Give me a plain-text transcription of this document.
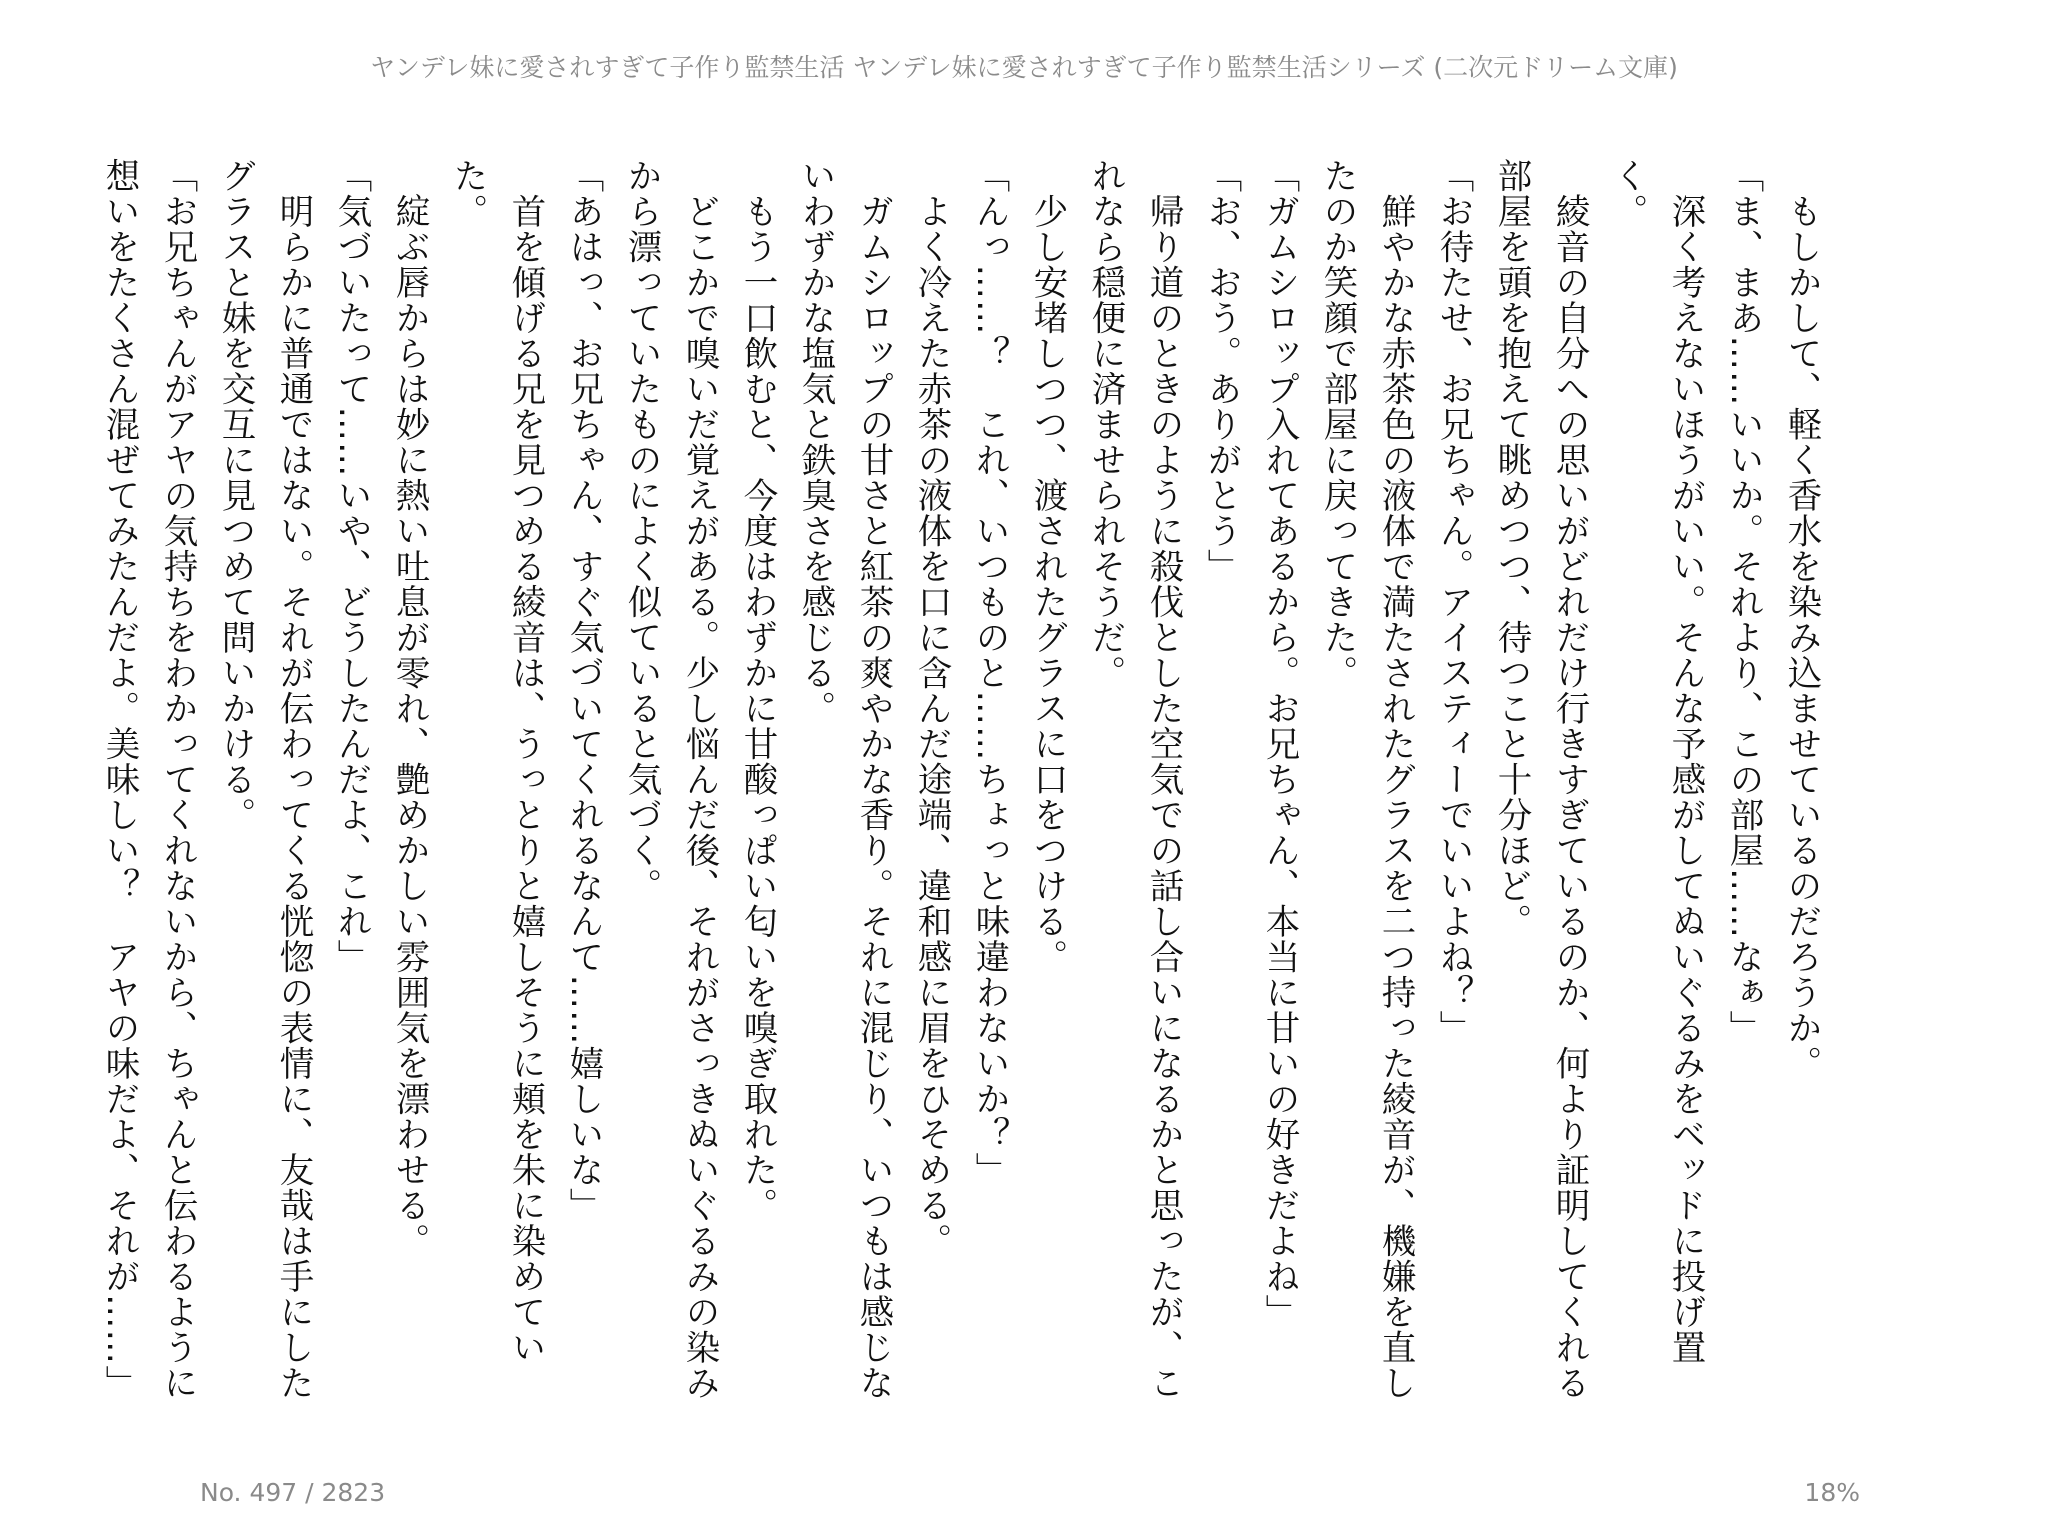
ヤンデレ妹に愛されすぎて子作り監禁生活 ヤンデレ妹に愛されすぎて子作り監禁生活シリーズ (二次元ドリーム文庫)

　もしかして、軽く香水を染み込ませているのだろうか。

「ま、まあ……いいか。それより、この部屋……なぁ」

　深く考えないほうがいい。そんな予感がしてぬいぐるみをベッドに投げ置く。

　綾音の自分への思いがどれだけ行きすぎているのか、何より証明してくれる部屋を頭を抱えて眺めつつ、待つこと十分ほど。

「お待たせ、お兄ちゃん。アイスティーでいいよね？」

　鮮やかな赤茶色の液体で満たされたグラスを二つ持った綾音が、機嫌を直したのか笑顔で部屋に戻ってきた。

「ガムシロップ入れてあるから。お兄ちゃん、本当に甘いの好きだよね」

「お、おう。ありがとう」

　帰り道のときのように殺伐とした空気での話し合いになるかと思ったが、これなら穏便に済ませられそうだ。

　少し安堵しつつ、渡されたグラスに口をつける。

「んっ……？　これ、いつものと……ちょっと味違わないか？」

　よく冷えた赤茶の液体を口に含んだ途端、違和感に眉をひそめる。

　ガムシロップの甘さと紅茶の爽やかな香り。それに混じり、いつもは感じないわずかな塩気と鉄臭さを感じる。

　もう一口飲むと、今度はわずかに甘酸っぱい匂いを嗅ぎ取れた。

　どこかで嗅いだ覚えがある。少し悩んだ後、それがさっきぬいぐるみの染みから漂っていたものによく似ていると気づく。

「あはっ、お兄ちゃん、すぐ気づいてくれるなんて……嬉しいな」

　首を傾げる兄を見つめる綾音は、うっとりと嬉しそうに頬を朱に染めていた。

　綻ぶ唇からは妙に熱い吐息が零れ、艶めかしい雰囲気を漂わせる。

「気づいたって……いや、どうしたんだよ、これ」

　明らかに普通ではない。それが伝わってくる恍惚の表情に、友哉は手にしたグラスと妹を交互に見つめて問いかける。

「お兄ちゃんがアヤの気持ちをわかってくれないから、ちゃんと伝わるように想いをたくさん混ぜてみたんだよ。美味しい？　アヤの味だよ、それが……」

No. 497 / 2823	18%
